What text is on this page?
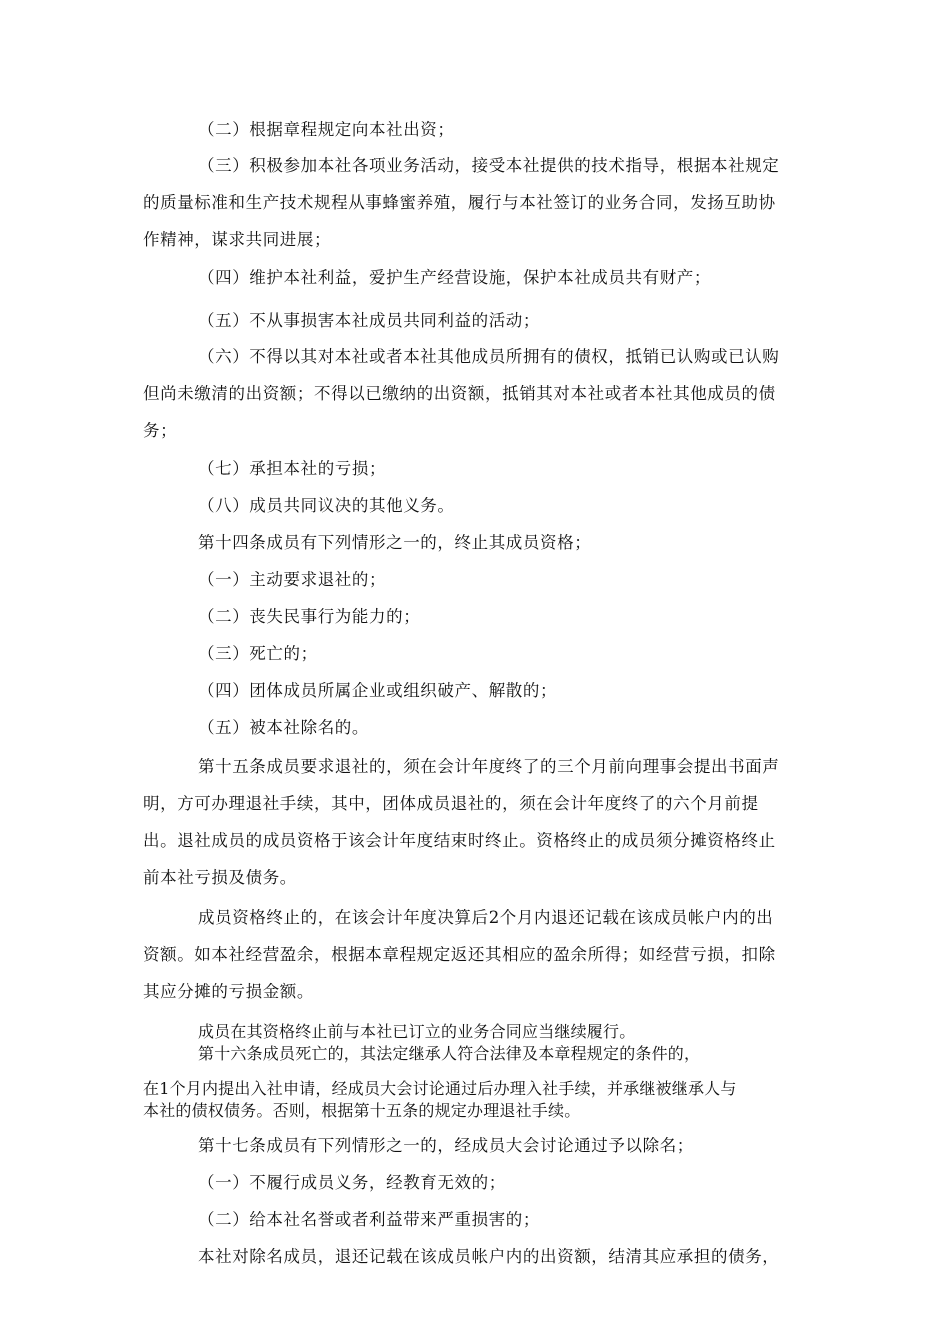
（二）根据章程规定向本社出资；
（三）积极参加本社各项业务活动，接受本社提供的技术指导，根据本社规定
的质量标准和生产技术规程从事蜂蜜养殖，履行与本社签订的业务合同，发扬互助协
作精神，谋求共同进展；
（四）维护本社利益，爱护生产经营设施，保护本社成员共有财产；
（五）不从事损害本社成员共同利益的活动；
（六）不得以其对本社或者本社其他成员所拥有的债权，抵销已认购或已认购
但尚未缴清的出资额；不得以已缴纳的出资额，抵销其对本社或者本社其他成员的债
务；
（七）承担本社的亏损；
（八）成员共同议决的其他义务。
第十四条成员有下列情形之一的，终止其成员资格；
（一）主动要求退社的；
（二）丧失民事行为能力的；
（三）死亡的；
（四）团体成员所属企业或组织破产、解散的；
（五）被本社除名的。
第十五条成员要求退社的，须在会计年度终了的三个月前向理事会提出书面声
明，方可办理退社手续，其中，团体成员退社的，须在会计年度终了的六个月前提
出。退社成员的成员资格于该会计年度结束时终止。资格终止的成员须分摊资格终止
前本社亏损及债务。
成员资格终止的，在该会计年度决算后2个月内退还记载在该成员帐户内的出
资额。如本社经营盈余，根据本章程规定返还其相应的盈余所得；如经营亏损，扣除
其应分摊的亏损金额。
成员在其资格终止前与本社已订立的业务合同应当继续履行。
第十六条成员死亡的，其法定继承人符合法律及本章程规定的条件的，
在1个月内提出入社申请，经成员大会讨论通过后办理入社手续，并承继被继承人与
本社的债权债务。否则，根据第十五条的规定办理退社手续。
第十七条成员有下列情形之一的，经成员大会讨论通过予以除名；
（一）不履行成员义务，经教育无效的；
（二）给本社名誉或者利益带来严重损害的；
本社对除名成员，退还记载在该成员帐户内的出资额，结清其应承担的债务，
